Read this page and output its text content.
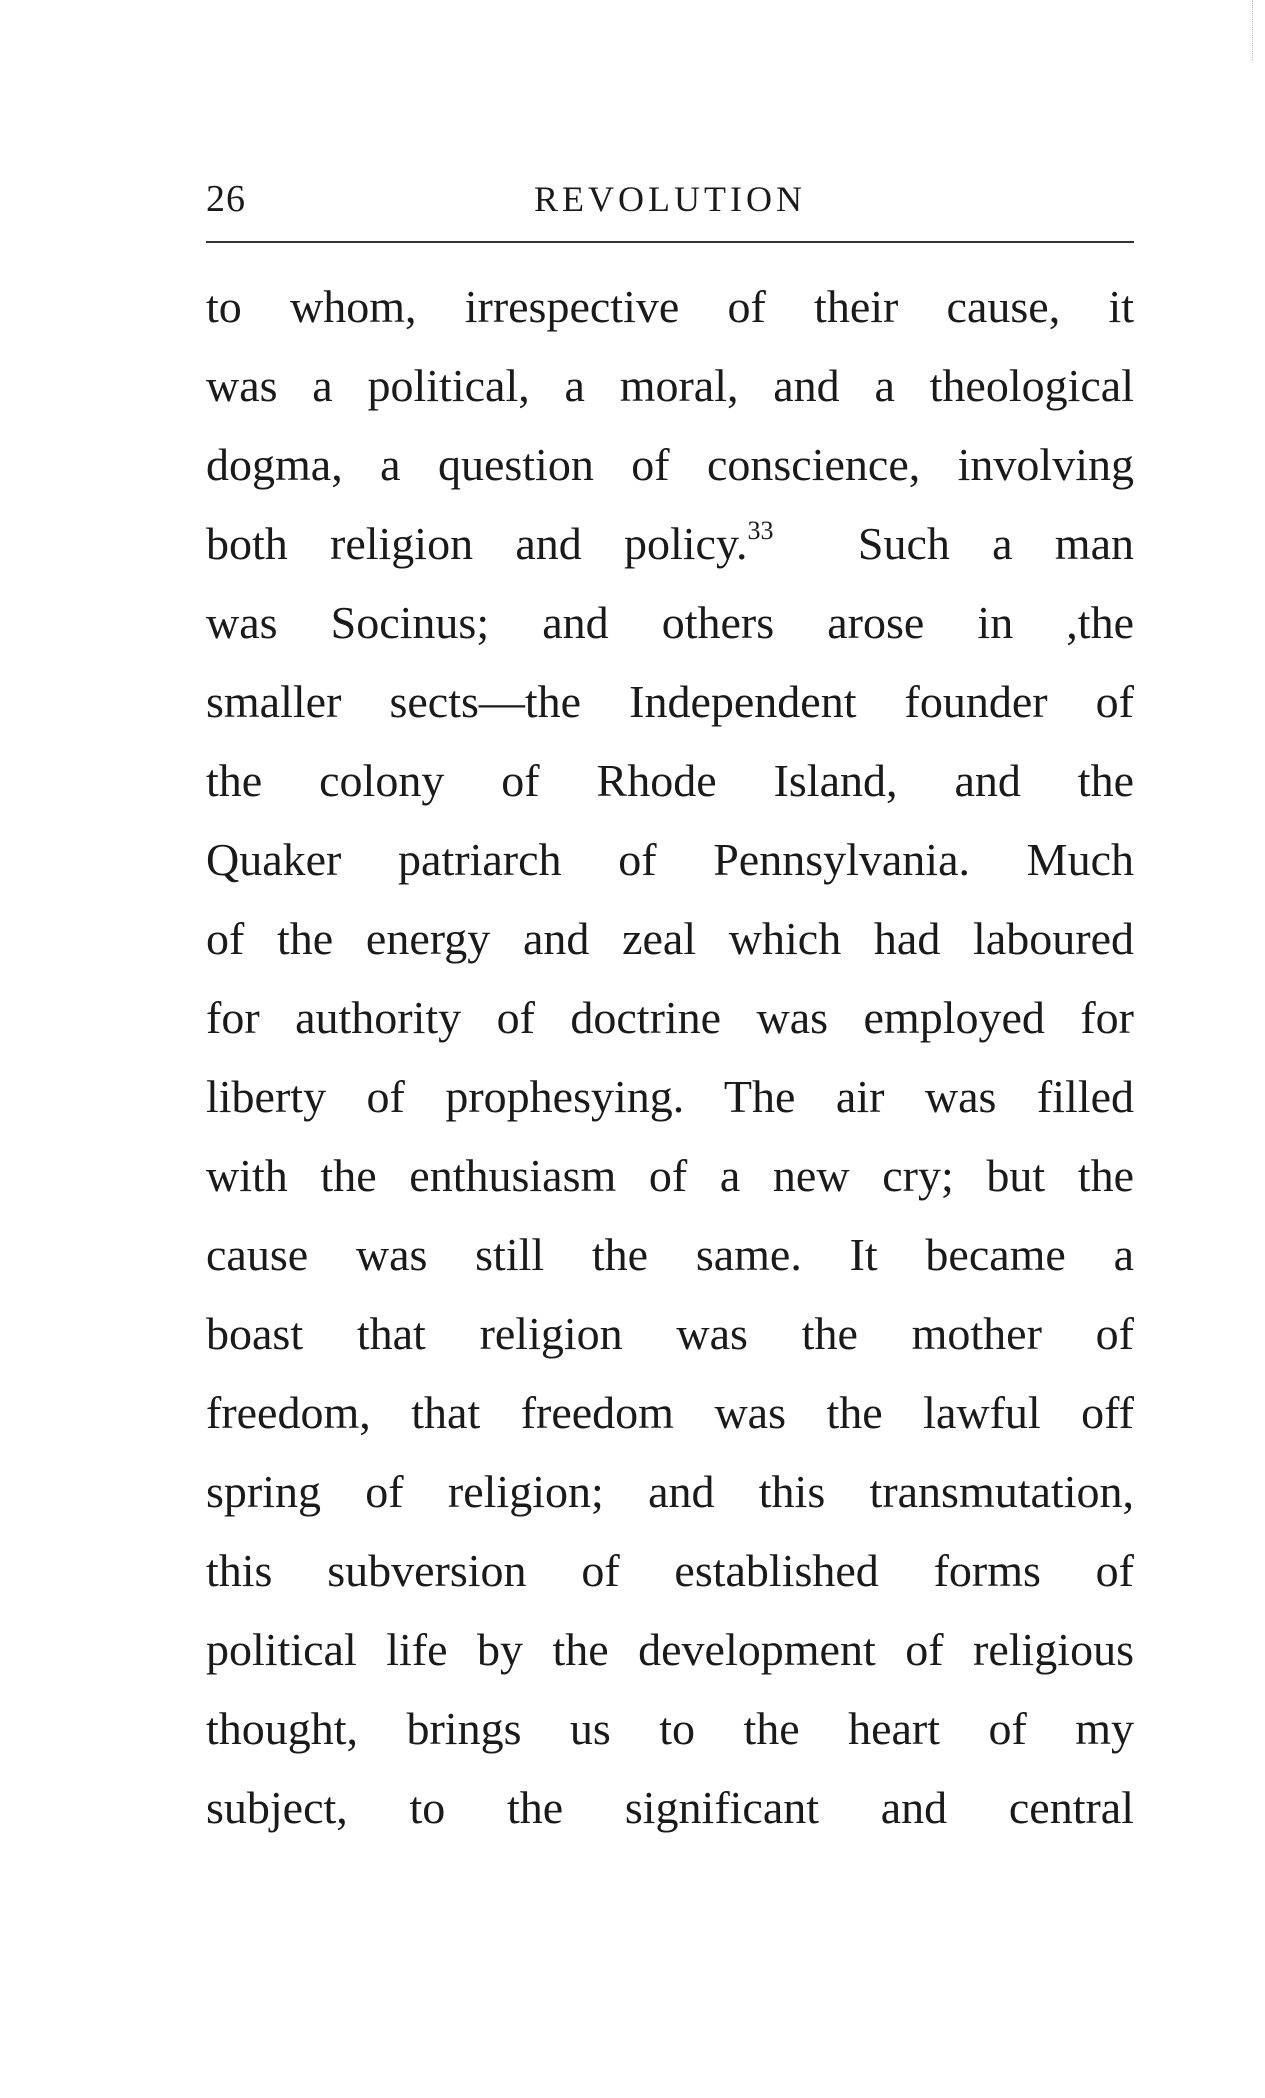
26	REVOLUTION
to whom, irrespective of their cause, it
was a political, a moral, and a theological
dogma, a question of conscience, involving
both religion and policy.$^{33}$  Such a man
was Socinus; and others arose in ,the
smaller sects—the Independent founder of
the colony of Rhode Island, and the
Quaker patriarch of Pennsylvania. Much
of the energy and zeal which had laboured
for authority of doctrine was employed for
liberty of prophesying. The air was filled
with the enthusiasm of a new cry; but the
cause was still the same. It became a
boast that religion was the mother of
freedom, that freedom was the lawful off
spring of religion; and this transmutation,
this subversion of established forms of
political life by the development of religious
thought, brings us to the heart of my
subject, to the significant and central
